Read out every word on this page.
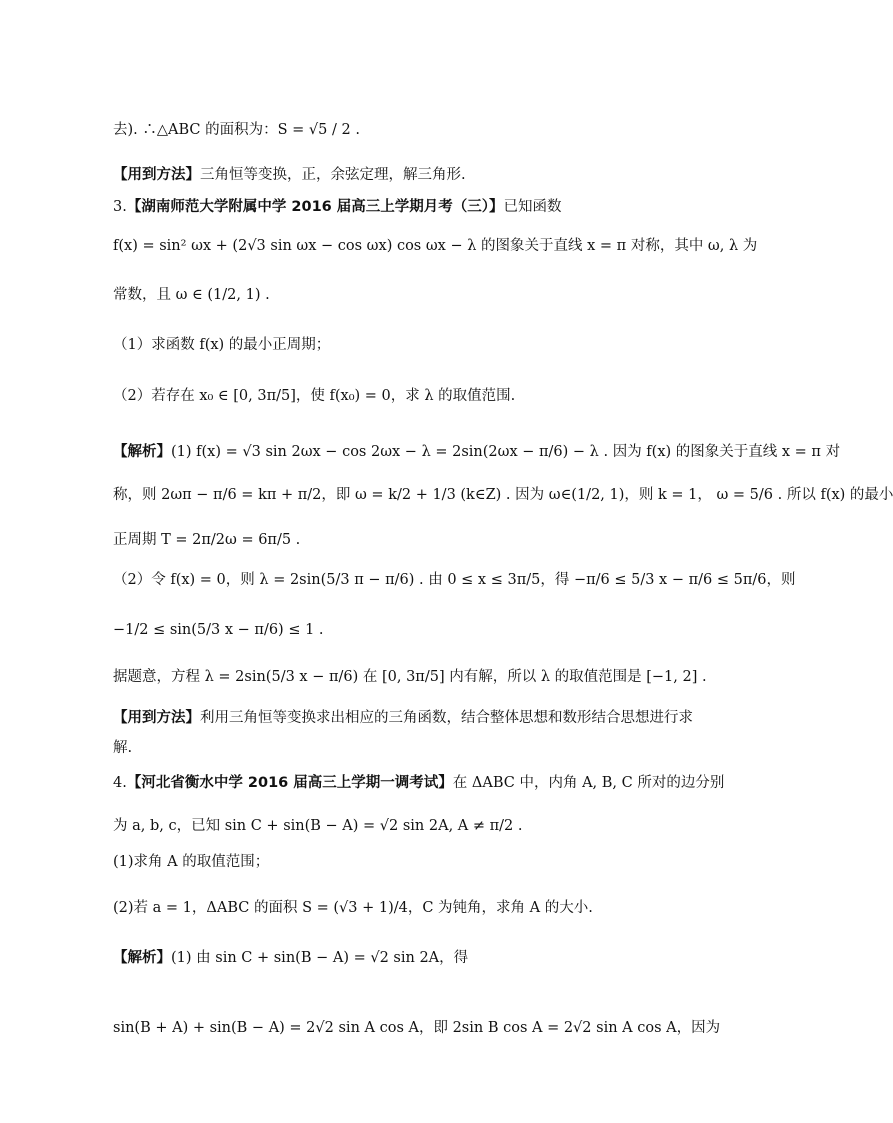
去). ∴△ABC 的面积为：S = √5 / 2 .
【用到方法】三角恒等变换，正，余弦定理，解三角形.
3.【湖南师范大学附属中学 2016 届高三上学期月考（三）】已知函数
f(x) = sin² ωx + (2√3 sin ωx − cos ωx) cos ωx − λ 的图象关于直线 x = π 对称，其中 ω, λ 为
常数，且 ω ∈ (1/2, 1) .
（1）求函数 f(x) 的最小正周期；
（2）若存在 x₀ ∈ [0, 3π/5]，使 f(x₀) = 0，求 λ 的取值范围.
【解析】(1) f(x) = √3 sin 2ωx − cos 2ωx − λ = 2sin(2ωx − π/6) − λ . 因为 f(x) 的图象关于直线 x = π 对
称，则 2ωπ − π/6 = kπ + π/2，即 ω = k/2 + 1/3 (k∈Z) . 因为 ω∈(1/2, 1)，则 k = 1， ω = 5/6 . 所以 f(x) 的最小
正周期 T = 2π/2ω = 6π/5 .
（2）令 f(x) = 0，则 λ = 2sin(5/3 π − π/6) . 由 0 ≤ x ≤ 3π/5，得 −π/6 ≤ 5/3 x − π/6 ≤ 5π/6，则
−1/2 ≤ sin(5/3 x − π/6) ≤ 1 .
据题意，方程 λ = 2sin(5/3 x − π/6) 在 [0, 3π/5] 内有解，所以 λ 的取值范围是 [−1, 2] .
【用到方法】利用三角恒等变换求出相应的三角函数，结合整体思想和数形结合思想进行求
解.
4.【河北省衡水中学 2016 届高三上学期一调考试】在 ΔABC 中，内角 A, B, C 所对的边分别
为 a, b, c，已知 sin C + sin(B − A) = √2 sin 2A, A ≠ π/2 .
(1)求角 A 的取值范围；
(2)若 a = 1，ΔABC 的面积 S = (√3 + 1)/4，C 为钝角，求角 A 的大小.
【解析】(1) 由 sin C + sin(B − A) = √2 sin 2A，得
sin(B + A) + sin(B − A) = 2√2 sin A cos A，即 2sin B cos A = 2√2 sin A cos A，因为
